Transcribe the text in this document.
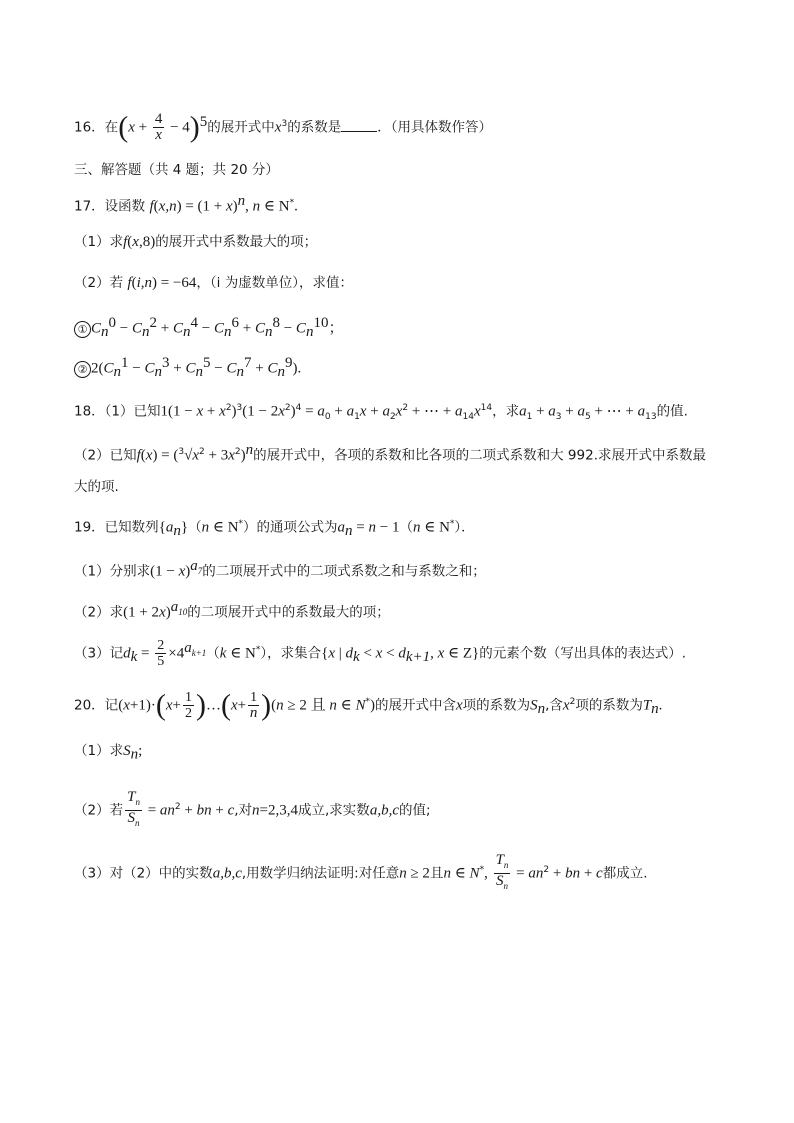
16．在$(x + \frac{4}{x} - 4)^5$的展开式中$x^3$的系数是	．（用具体数作答）
三、解答题（共 4 题；共 20 分）
17．设函数 $f(x,n) = (1 + x)^n$, n ∈ N*.
（1）求f(x,8)的展开式中系数最大的项；
（2）若 f(i,n) = −64，（i 为虚数单位），求值：
① $C_n^0 - C_n^2 + C_n^4 - C_n^6 + C_n^8 - C_n^{10}$；
② $2(C_n^1 - C_n^3 + C_n^5 - C_n^7 + C_n^9)$.
18．（1）已知$1(1 - x + x^2)^3(1 - 2x^2)^4 = a_0 + a_1x + a_2x^2$ + ⋯ + $a_{14}x^{14}$，求$a_1 + a_3 + a_5$ + ⋯ + $a_{13}$的值.
（2）已知$f(x) = (^3√x^2 + 3x^2)^n$的展开式中，各项的系数和比各项的二项式系数和大 992.求展开式中系数最
大的项.
19．已知数列$\{a_n\}(n$ ∈ N*）的通项公式为$a_n = n - 1(n$ ∈ N*）．
（1）分别求$(1 - x)^{a_7}$的二项展开式中的二项式系数之和与系数之和；
（2）求$(1 + 2x)^{a_{10}}$的二项展开式中的系数最大的项；
（3）记$d_k = \frac{2}{5} \times 4^{a_{k+1}}(k$ ∈ N*），求集合{x | $d_k < x < d_{k+1}$, x ∈ Z}的元素个数（写出具体的表达式）.
20．记$(x+1)\cdot(x+ \frac{1}{2}$ )…(x+ $\frac{1}{n} )(n \ge 2$ 且 n ∈ N*)的展开式中含x项的系数为$S_n$,含$x^2$项的系数为$T_n$.
（1）求$S_n$;
（2）若 $\frac{T_n}{S_n} = an^2$ + bn + c,对n=2,3,4成立,求实数a,b,c的值;
（3）对（2）中的实数a,b,c,用数学归纳法证明:对任意n ≥ 2且n ∈ N*, $\frac{T_n}{S_n} = an^2$ + bn + c都成立.
